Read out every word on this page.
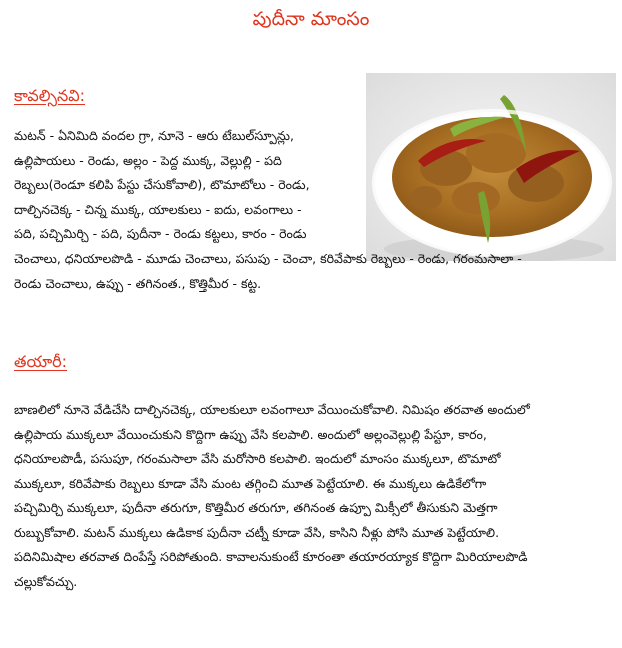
పుదీనా మాంసం
కావల్సినవి:
మటన్ - ఏనిమిది వందల గ్రా, నూనె - ఆరు టేబుల్‌స్పూన్లు,
ఉల్లిపాయలు - రెండు, అల్లం - పెద్ద ముక్క, వెల్లుల్లి - పది
రెబ్బలు(రెండూ కలిపి పేస్టు చేసుకోవాలి), టొమాటోలు - రెండు,
దాల్చినచెక్క - చిన్న ముక్క, యాలకులు - ఐదు, లవంగాలు -
పది, పచ్చిమిర్చి - పది, పుదీనా - రెండు కట్టలు, కారం - రెండు
చెంచాలు, ధనియాలపొడి - మూడు చెంచాలు, పసుపు - చెంచా, కరివేపాకు రెబ్బలు - రెండు, గరంమసాలా -
రెండు చెంచాలు, ఉప్పు - తగినంత., కొత్తిమీర - కట్ట.
తయారీ:
బాణలిలో నూనె వేడిచేసి దాల్చినచెక్క, యాలకులూ లవంగాలూ వేయించుకోవాలి. నిమిషం తరవాత అందులో
ఉల్లిపాయ ముక్కలూ వేయించుకుని కొద్దిగా ఉప్పు వేసి కలపాలి. అందులో అల్లంవెల్లుల్లి పేస్టూ, కారం,
ధనియాలపొడీ, పసుపూ, గరంమసాలా వేసి మరోసారి కలపాలి. ఇందులో మాంసం ముక్కలూ, టొమాటో
ముక్కలూ, కరివేపాకు రెబ్బలు కూడా వేసి మంట తగ్గించి మూత పెట్టేయాలి. ఈ ముక్కలు ఉడికేలోగా
పచ్చిమిర్చి ముక్కలూ, పుదీనా తరుగూ, కొత్తిమీర తరుగూ, తగినంత ఉప్పూ మిక్సీలో తీసుకుని మెత్తగా
రుబ్బుకోవాలి. మటన్ ముక్కలు ఉడికాక పుదీనా చట్నీ కూడా వేసి, కాసిని నీళ్లు పోసి మూత పెట్టేయాలి.
పదినిమిషాల తరవాత దింపేస్తే సరిపోతుంది. కావాలనుకుంటే కూరంతా తయారయ్యాక కొద్దిగా మిరియాలపొడి
చల్లుకోవచ్చు.
